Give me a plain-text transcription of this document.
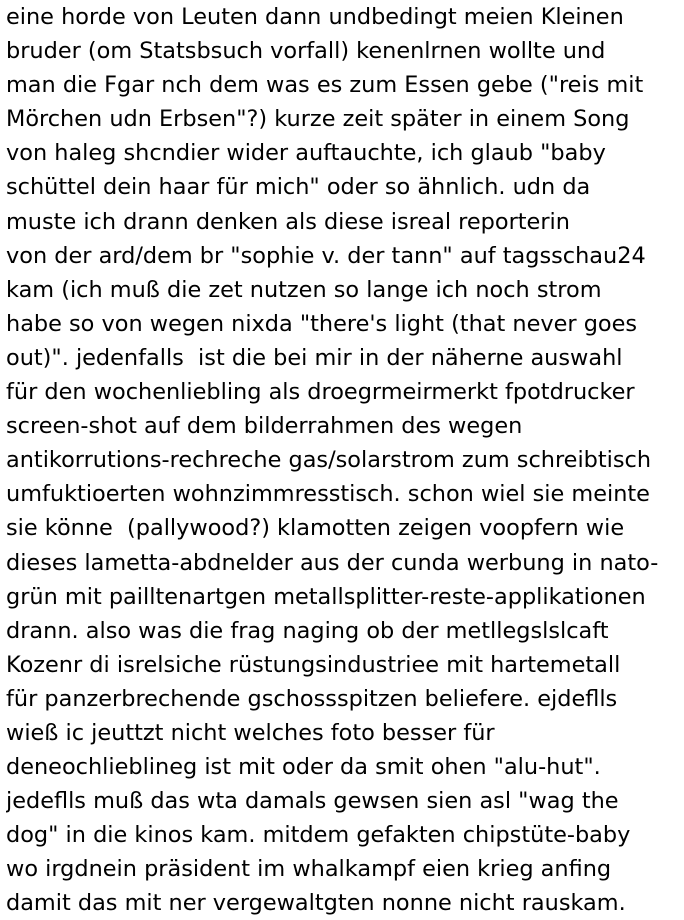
eine horde von Leuten dann undbedingt meien Kleinen
bruder (om Statsbsuch vorfall) kenenlrnen wollte und
man die Fgar nch dem was es zum Essen gebe ("reis mit
Mörchen udn Erbsen"?) kurze zeit später in einem Song
von haleg shcndier wider auftauchte, ich glaub "baby
schüttel dein haar für mich" oder so ähnlich. udn da
muste ich drann denken als diese isreal reporterin
von der ard/dem br "sophie v. der tann" auf tagsschau24
kam (ich muß die zet nutzen so lange ich noch strom
habe so von wegen nixda "there's light (that never goes
out)". jedenfalls  ist die bei mir in der näherne auswahl
für den wochenliebling als droegrmeirmerkt fpotdrucker
screen-shot auf dem bilderrahmen des wegen
antikorrutions-rechreche gas/solarstrom zum schreibtisch
umfuktioerten wohnzimmresstisch. schon wiel sie meinte
sie könne  (pallywood?) klamotten zeigen voopfern wie
dieses lametta-abdnelder aus der cunda werbung in nato-
grün mit pailltenartgen metallsplitter-reste-applikationen
drann. also was die frag naging ob der metllegslslcaft
Kozenr di isrelsiche rüstungsindustriee mit hartemetall
für panzerbrechende gschossspitzen beliefere. ejdeflls
wieß ic jeuttzt nicht welches foto besser für
deneochlieblineg ist mit oder da smit ohen "alu-hut".
jedeflls muß das wta damals gewsen sien asl "wag the
dog" in die kinos kam. mitdem gefakten chipstüte-baby
wo irgdnein präsident im whalkampf eien krieg anfing
damit das mit ner vergewaltgten nonne nicht rauskam.
